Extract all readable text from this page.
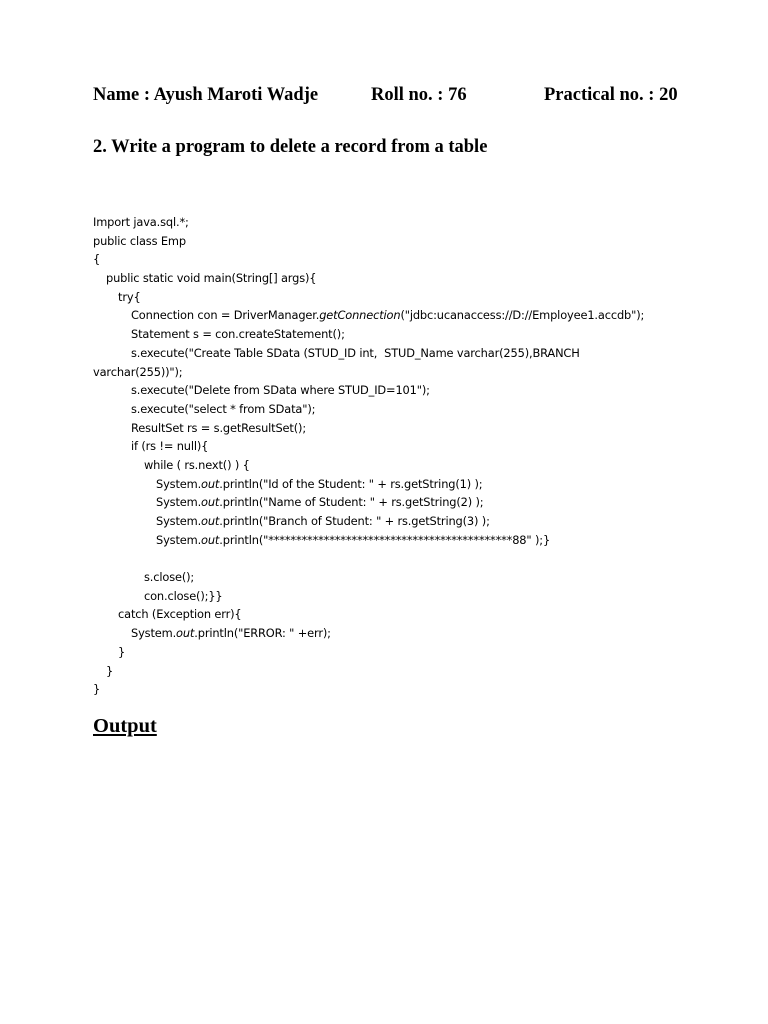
Name : Ayush Maroti Wadje	Roll no. : 76	Practical no. : 20
2. Write a program to delete a record from a table
Import java.sql.*;
public class Emp
{
public static void main(String[] args){
try{
Connection con = DriverManager.getConnection("jdbc:ucanaccess://D://Employee1.accdb");
Statement s = con.createStatement();
s.execute("Create Table SData (STUD_ID int,  STUD_Name varchar(255),BRANCH
varchar(255))");
s.execute("Delete from SData where STUD_ID=101");
s.execute("select * from SData");
ResultSet rs = s.getResultSet();
if (rs != null){
while ( rs.next() ) {
System.out.println("Id of the Student: " + rs.getString(1) );
System.out.println("Name of Student: " + rs.getString(2) );
System.out.println("Branch of Student: " + rs.getString(3) );
System.out.println("********************************************88" );}
s.close();
con.close();}}
catch (Exception err){
System.out.println("ERROR: " +err);
}
}
}
Output
